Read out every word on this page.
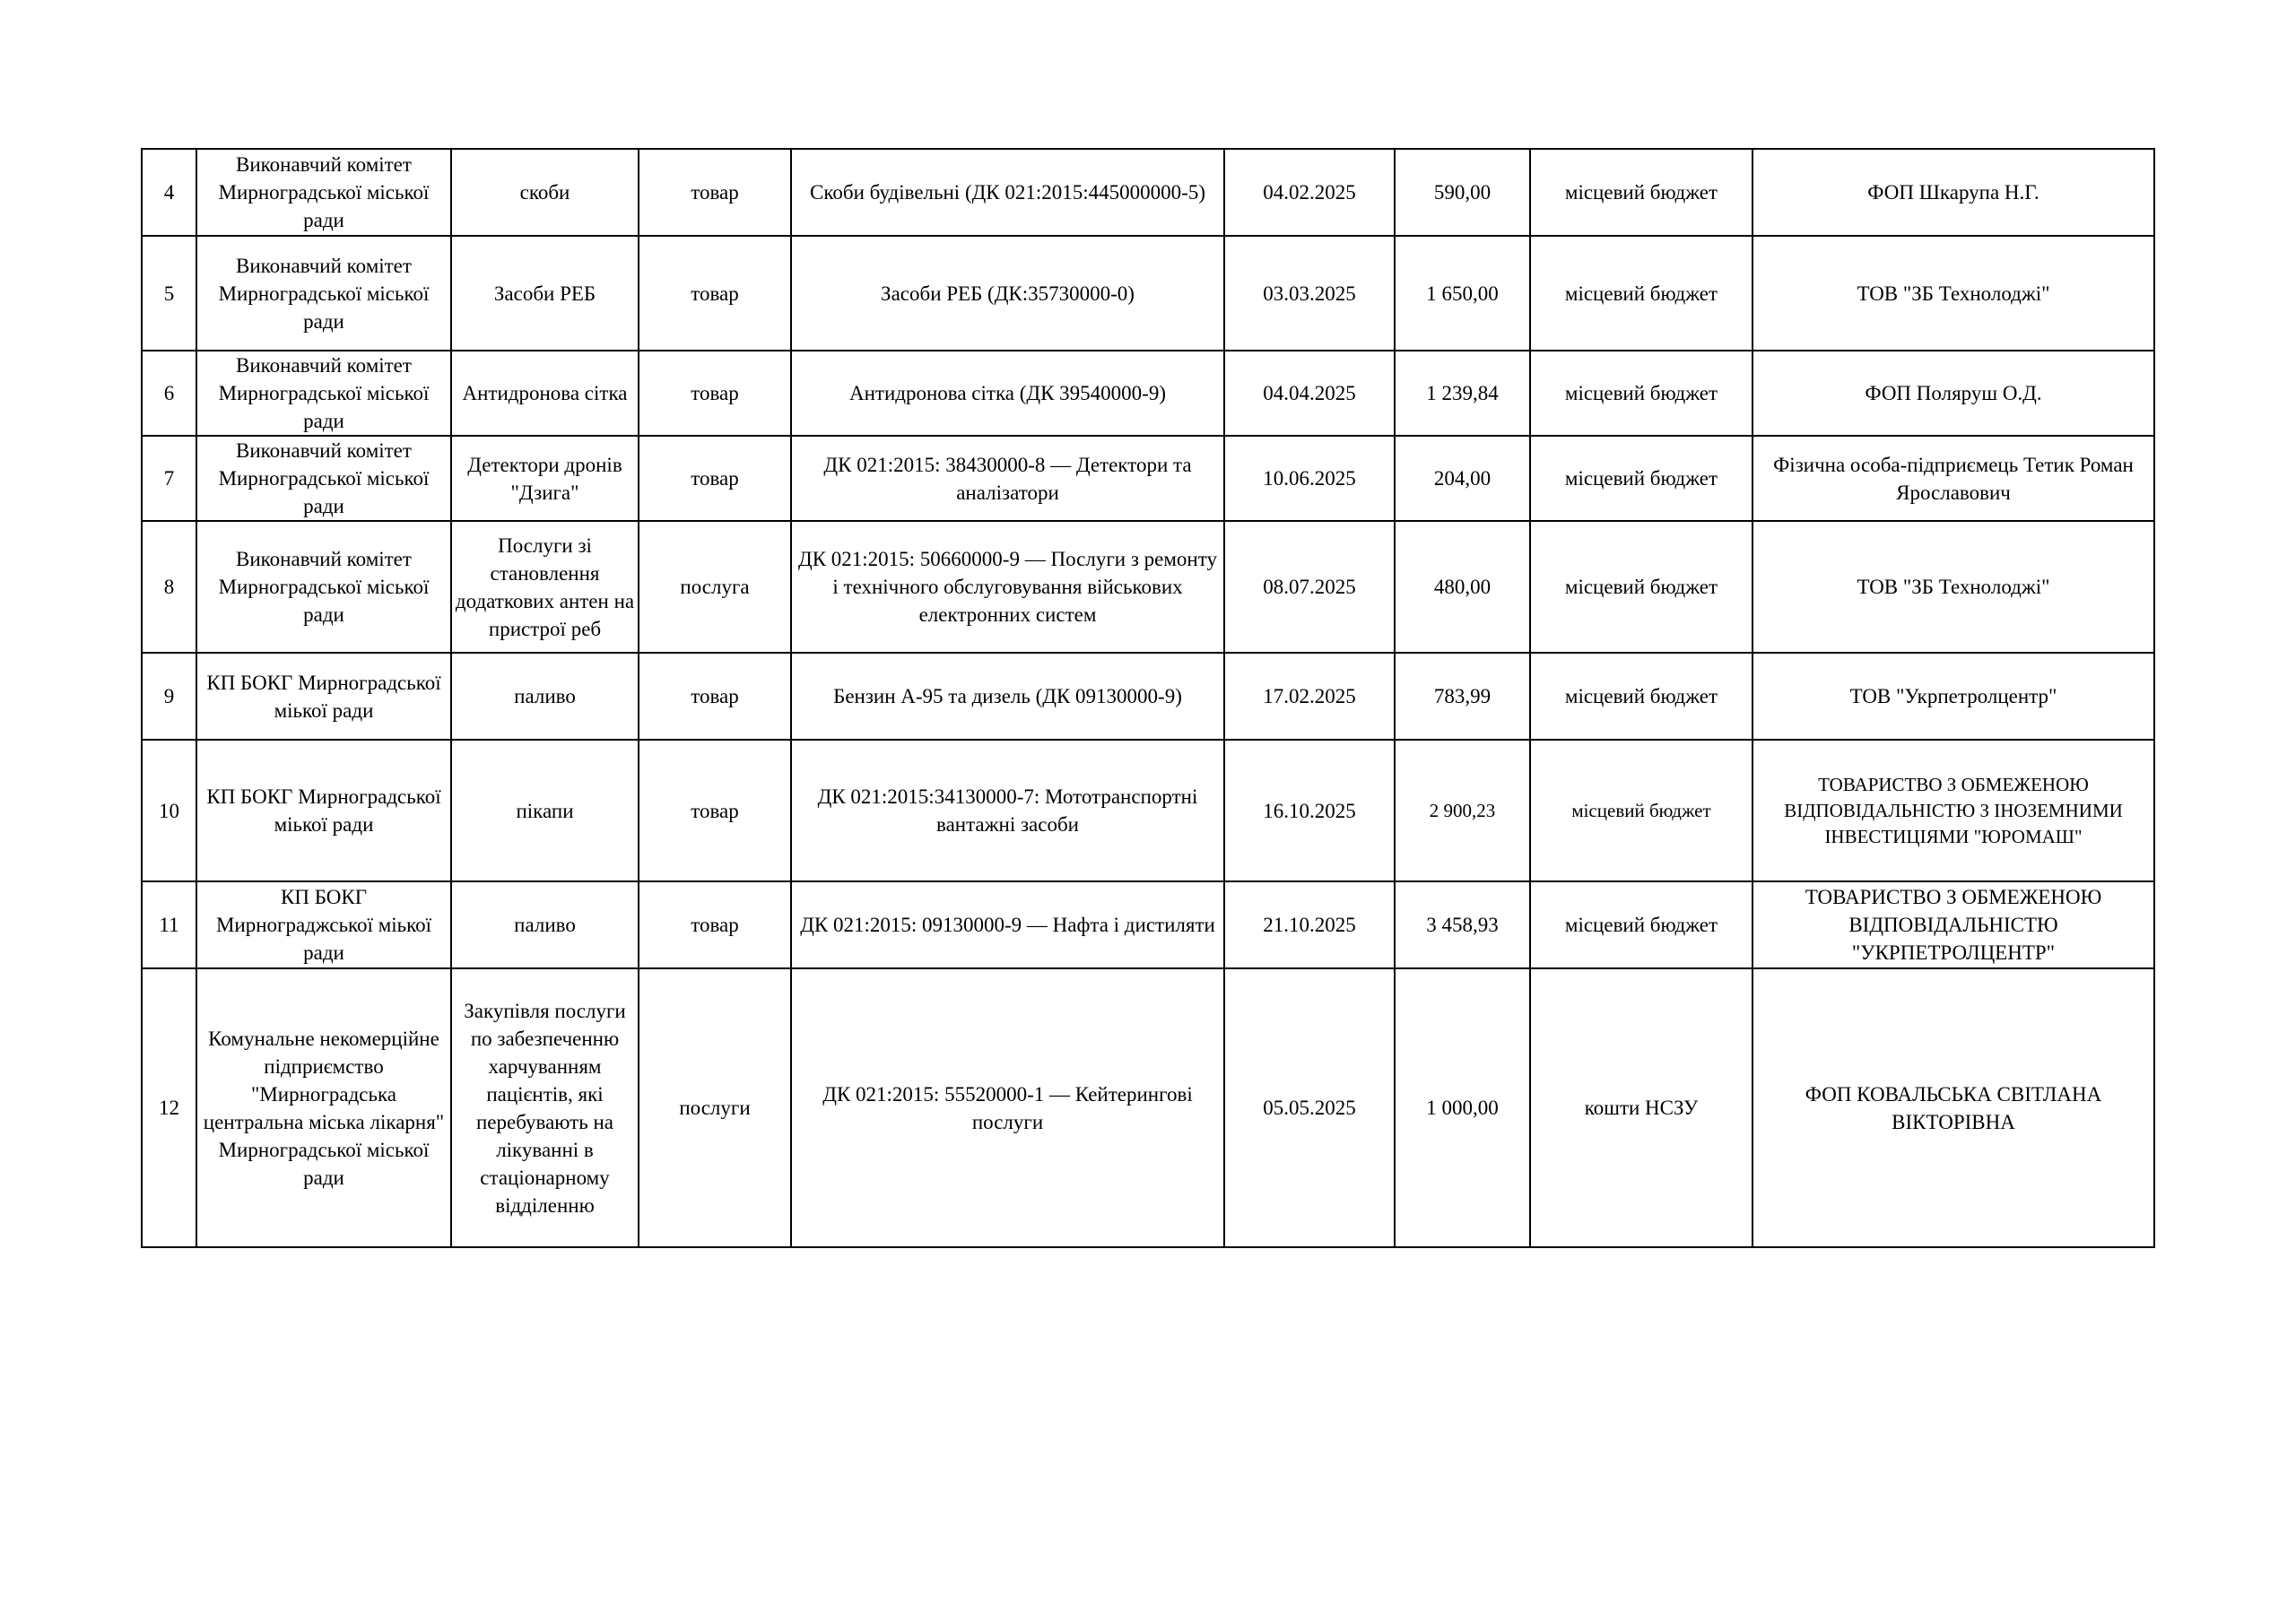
4	Виконавчий комітет Мирноградської міської ради	скоби	товар	Скоби будівельні (ДК 021:2015:445000000-5)	04.02.2025	590,00	місцевий бюджет	ФОП Шкарупа Н.Г.
5	Виконавчий комітет Мирноградської міської ради	Засоби РЕБ	товар	Засоби РЕБ (ДК:35730000-0)	03.03.2025	1 650,00	місцевий бюджет	ТОВ "ЗБ Технолоджі"
6	Виконавчий комітет Мирноградської міської ради	Антидронова сітка	товар	Антидронова сітка (ДК 39540000-9)	04.04.2025	1 239,84	місцевий бюджет	ФОП Поляруш О.Д.
7	Виконавчий комітет Мирноградської міської ради	Детектори дронів "Дзига"	товар	ДК 021:2015: 38430000-8 — Детектори та аналізатори	10.06.2025	204,00	місцевий бюджет	Фізична особа-підприємець Тетик Роман Ярославович
8	Виконавчий комітет Мирноградської міської ради	Послуги зі становлення додаткових антен на пристрої реб	послуга	ДК 021:2015: 50660000-9 — Послуги з ремонту і технічного обслуговування військових електронних систем	08.07.2025	480,00	місцевий бюджет	ТОВ "ЗБ Технолоджі"
9	КП БОКГ Мирноградської міької ради	паливо	товар	Бензин А-95 та дизель (ДК 09130000-9)	17.02.2025	783,99	місцевий бюджет	ТОВ "Укрпетролцентр"
10	КП БОКГ Мирноградської міької ради	пікапи	товар	ДК 021:2015:34130000-7: Мототранспортні вантажні засоби	16.10.2025	2 900,23	місцевий бюджет	ТОВАРИСТВО З ОБМЕЖЕНОЮ ВІДПОВІДАЛЬНІСТЮ З ІНОЗЕМНИМИ ІНВЕСТИЦІЯМИ "ЮРОМАШ"
11	КП БОКГ Мирнограджської міької ради	паливо	товар	ДК 021:2015: 09130000-9 — Нафта і дистиляти	21.10.2025	3 458,93	місцевий бюджет	ТОВАРИСТВО З ОБМЕЖЕНОЮ ВІДПОВІДАЛЬНІСТЮ "УКРПЕТРОЛЦЕНТР"
12	Комунальне некомерційне підприємство "Мирноградська центральна міська лікарня" Мирноградської міської ради	Закупівля послуги по забезпеченню харчуванням пацієнтів, які перебувають на лікуванні в стаціонарному відділенню	послуги	ДК 021:2015: 55520000-1 — Кейтерингові послуги	05.05.2025	1 000,00	кошти НСЗУ	ФОП КОВАЛЬСЬКА СВІТЛАНА ВІКТОРІВНА
